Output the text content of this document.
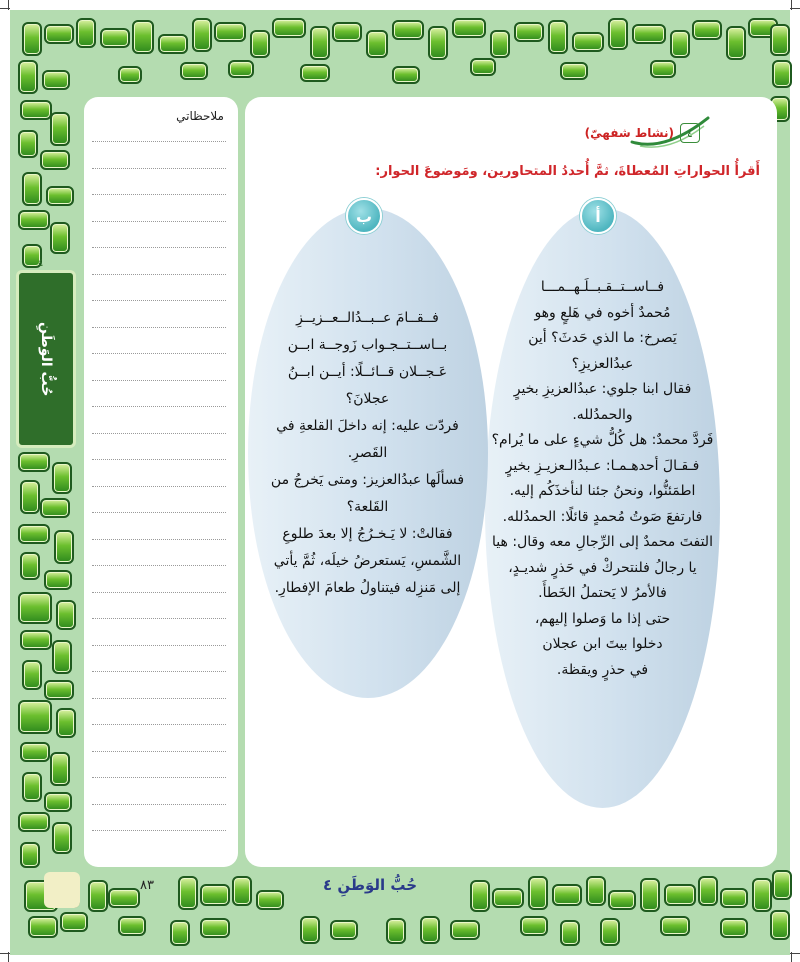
حُبُّ الوَطَنِ
٤
ملاحظاتي
٤
(نشاط شفهيّ)
أَقرأُ الحواراتِ المُعطاةَ، ثمَّ أُحددُ المتحاورين، ومَوضوعَ الحوار:
أ
ب
فــاســتــقـبــلَـهــمـــا
مُحمدٌ أخوه في هَلعٍ وهو
يَصرخ: ما الذي حَدثَ؟ أين
عبدُالعزيزِ؟
فقال ابنا جلوي: عبدُالعزيزِ بخيرٍ
والحمدُلله.
فَردَّ محمدٌ: هل كُلُّ شيءٍ على ما يُرام؟
فـقـالَ أحدهـمـا: عـبدُالـعزيـزِ بخيرٍ
اطمَئنُّوا، ونحنُ جئنا لنأخذَكُم إليه.
فارتفعَ صَوتُ مُحمدٍ قائلًا: الحمدُلله.
التفتَ محمدٌ إلى الرِّجالِ معه وقال: هيا
يا رجالُ فلنتحركْ في حَذرٍ شديـدٍ،
فالأمرُ لا يَحتملُ الخَطأَ.
حتى إذا ما وَصلوا إليهم،
دخلوا بيتَ ابن عجلان
في حذرٍ ويقظة.
فــقــامَ عــبــدُالــعــزيــزِ
بــاســتــجـواب زَوجــة ابــن
عَـجــلان قــائــلًا: أيــن ابــنُ
عجلانَ؟
فردّت عليه: إنه داخلَ القلعةِ في
القَصرِ.
فسألَها عبدُالعزيز: ومتى يَخرجُ من
القَلعة؟
فقالتْ: لا يَـخـرُجُ إلا بعدَ طلوعِ
الشَّمسِ، يَستعرضُ خيلَه، ثُمَّ يأتي
إلى مَنزِله فيتناولُ طعامَ الإفطارِ.
٨٣	حُبُّ الوَطَنِ ٤
